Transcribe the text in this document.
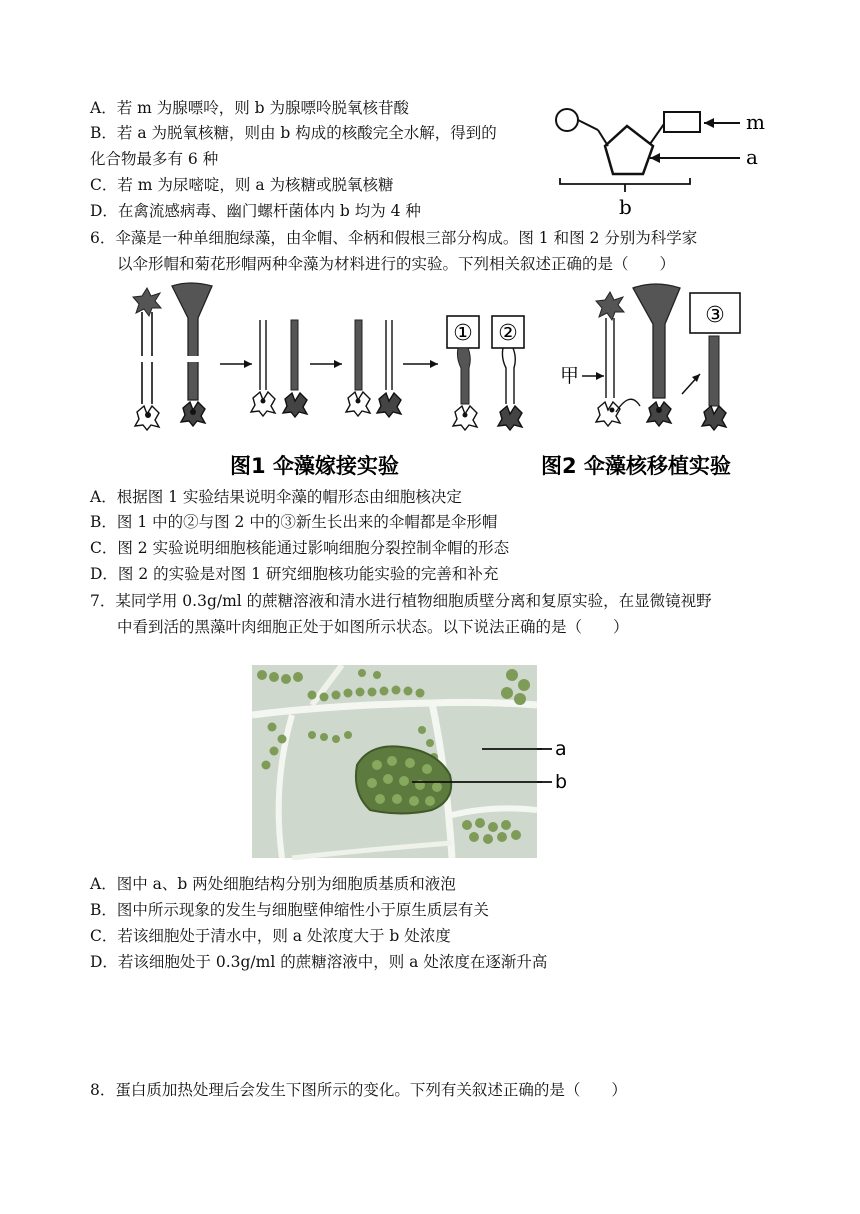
A．若 m 为腺嘌呤，则 b 为腺嘌呤脱氧核苷酸
B．若 a 为脱氧核糖，则由 b 构成的核酸完全水解，得到的
化合物最多有 6 种
C．若 m 为尿嘧啶，则 a 为核糖或脱氧核糖
D．在禽流感病毒、幽门螺杆菌体内 b 均为 4 种
m
a
b
6．伞藻是一种单细胞绿藻，由伞帽、伞柄和假根三部分构成。图 1 和图 2 分别为科学家
以伞形帽和菊花形帽两种伞藻为材料进行的实验。下列相关叙述正确的是（　　）
① ②
甲
③
图1 伞藻嫁接实验	图2 伞藻核移植实验
A．根据图 1 实验结果说明伞藻的帽形态由细胞核决定
B．图 1 中的②与图 2 中的③新生长出来的伞帽都是伞形帽
C．图 2 实验说明细胞核能通过影响细胞分裂控制伞帽的形态
D．图 2 的实验是对图 1 研究细胞核功能实验的完善和补充
7．某同学用 0.3g/ml 的蔗糖溶液和清水进行植物细胞质壁分离和复原实验，在显微镜视野
中看到活的黑藻叶肉细胞正处于如图所示状态。以下说法正确的是（　　）
a
b
A．图中 a、b 两处细胞结构分别为细胞质基质和液泡
B．图中所示现象的发生与细胞壁伸缩性小于原生质层有关
C．若该细胞处于清水中，则 a 处浓度大于 b 处浓度
D．若该细胞处于 0.3g/ml 的蔗糖溶液中，则 a 处浓度在逐渐升高
8．蛋白质加热处理后会发生下图所示的变化。下列有关叙述正确的是（　　）
